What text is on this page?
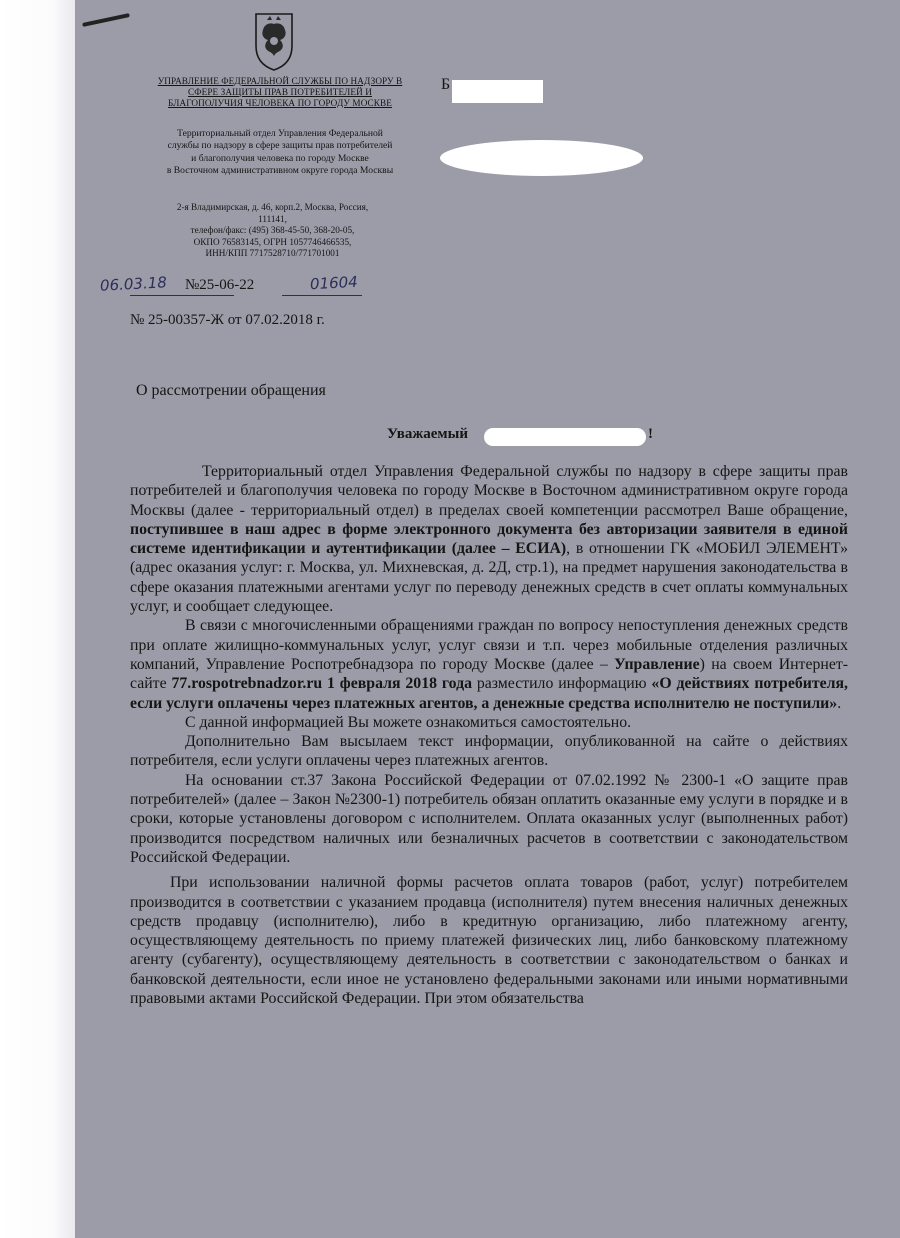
УПРАВЛЕНИЕ ФЕДЕРАЛЬНОЙ СЛУЖБЫ ПО НАДЗОРУ В
СФЕРЕ ЗАЩИТЫ ПРАВ ПОТРЕБИТЕЛЕЙ И
БЛАГОПОЛУЧИЯ ЧЕЛОВЕКА ПО ГОРОДУ МОСКВЕ
Территориальный отдел Управления Федеральной
службы по надзору в сфере защиты прав потребителей
и благополучия человека по городу Москве
в Восточном административном округе города Москвы
2-я Владимирская, д. 46, корп.2, Москва, Россия,
111141,
телефон/факс: (495) 368-45-50, 368-20-05,
ОКПО 76583145, ОГРН 1057746466535,
ИНН/КПП 7717528710/771701001
06.03.18 №25-06-22	01604
№ 25-00357-Ж от 07.02.2018 г.
Б
О рассмотрении обращения
Уважаемый	!

Территориальный отдел Управления Федеральной службы по надзору в сфере защиты прав потребителей и благополучия человека по городу Москве в Восточном административном округе города Москвы (далее - территориальный отдел) в пределах своей компетенции рассмотрел Ваше обращение, поступившее в наш адрес в форме электронного документа без авторизации заявителя в единой системе идентификации и аутентификации (далее – ЕСИА), в отношении ГК «МОБИЛ ЭЛЕМЕНТ» (адрес оказания услуг: г. Москва, ул. Михневская, д. 2Д, стр.1), на предмет нарушения законодательства в сфере оказания платежными агентами услуг по переводу денежных средств в счет оплаты коммунальных услуг, и сообщает следующее.

В связи с многочисленными обращениями граждан по вопросу непоступления денежных средств при оплате жилищно-коммунальных услуг, услуг связи и т.п. через мобильные отделения различных компаний, Управление Роспотребнадзора по городу Москве (далее – Управление) на своем Интернет-сайте 77.rospotrebnadzor.ru 1 февраля 2018 года разместило информацию «О действиях потребителя, если услуги оплачены через платежных агентов, а денежные средства исполнителю не поступили».

С данной информацией Вы можете ознакомиться самостоятельно.

Дополнительно Вам высылаем текст информации, опубликованной на сайте о действиях потребителя, если услуги оплачены через платежных агентов.

На основании ст.37 Закона Российской Федерации от 07.02.1992 № 2300-1 «О защите прав потребителей» (далее – Закон №2300-1) потребитель обязан оплатить оказанные ему услуги в порядке и в сроки, которые установлены договором с исполнителем. Оплата оказанных услуг (выполненных работ) производится посредством наличных или безналичных расчетов в соответствии с законодательством Российской Федерации.

При использовании наличной формы расчетов оплата товаров (работ, услуг) потребителем производится в соответствии с указанием продавца (исполнителя) путем внесения наличных денежных средств продавцу (исполнителю), либо в кредитную организацию, либо платежному агенту, осуществляющему деятельность по приему платежей физических лиц, либо банковскому платежному агенту (субагенту), осуществляющему деятельность в соответствии с законодательством о банках и банковской деятельности, если иное не установлено федеральными законами или иными нормативными правовыми актами Российской Федерации. При этом обязательства
